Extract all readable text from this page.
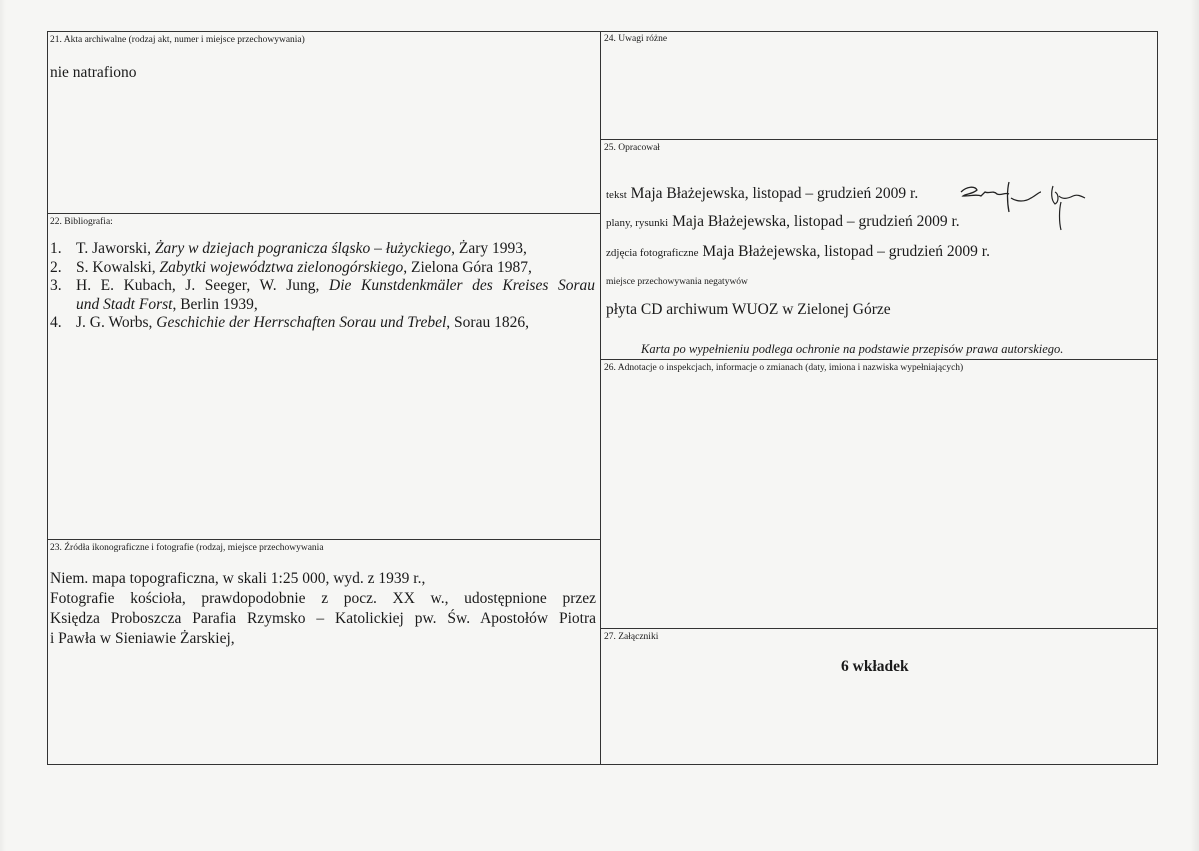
21. Akta archiwalne (rodzaj akt, numer i miejsce przechowywania)
nie natrafiono
22. Bibliografia:
1. T. Jaworski, Żary w dziejach pogranicza śląsko – łużyckiego, Żary 1993,
2. S. Kowalski, Zabytki województwa zielonogórskiego, Zielona Góra 1987,
3. H. E. Kubach, J. Seeger, W. Jung, Die Kunstdenkmäler des Kreises Sorau
und Stadt Forst, Berlin 1939,
4. J. G. Worbs, Geschichie der Herrschaften Sorau und Trebel, Sorau 1826,
23. Źródła ikonograficzne i fotografie (rodzaj, miejsce przechowywania
Niem. mapa topograficzna, w skali 1:25 000, wyd. z 1939 r.,
Fotografie kościoła, prawdopodobnie z pocz. XX w., udostępnione przez
Księdza Proboszcza Parafia Rzymsko – Katolickiej pw. Św. Apostołów Piotra
i Pawła w Sieniawie Żarskiej,
24. Uwagi różne
25. Opracował
tekst Maja Błażejewska, listopad – grudzień 2009 r.
plany, rysunki Maja Błażejewska, listopad – grudzień 2009 r.
zdjęcia fotograficzne Maja Błażejewska, listopad – grudzień 2009 r.
miejsce przechowywania negatywów
płyta CD archiwum WUOZ w Zielonej Górze
Karta po wypełnieniu podlega ochronie na podstawie przepisów prawa autorskiego.
26. Adnotacje o inspekcjach, informacje o zmianach (daty, imiona i nazwiska wypełniających)
27. Załączniki
6 wkładek
